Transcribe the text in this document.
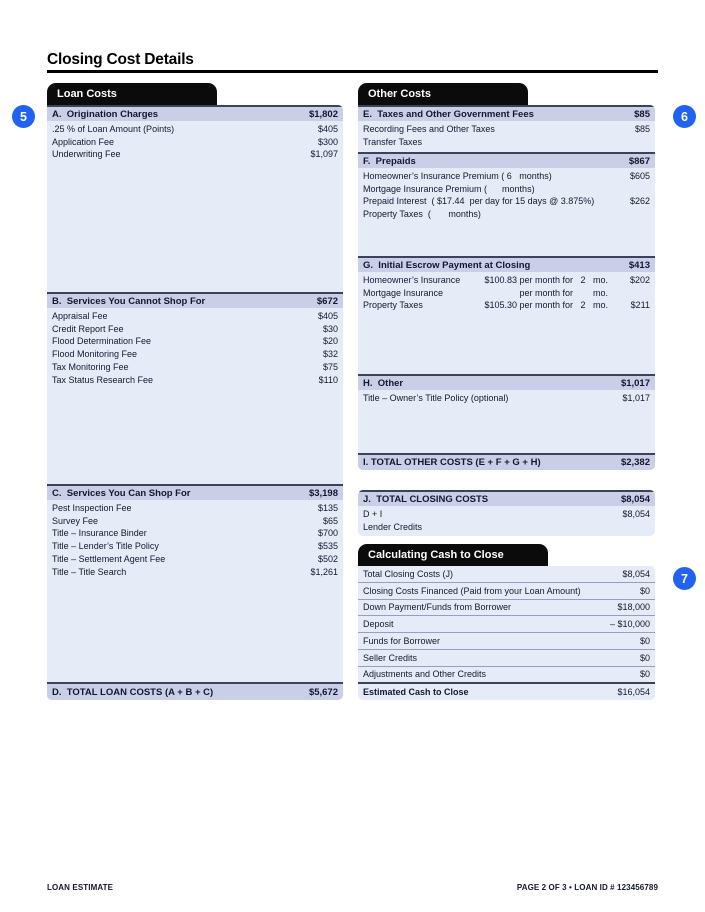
Closing Cost Details
Loan Costs
A.  Origination Charges	$1,802
.25 % of Loan Amount (Points)	$405
Application Fee	$300
Underwriting Fee	$1,097
B.  Services You Cannot Shop For	$672
Appraisal Fee	$405
Credit Report Fee	$30
Flood Determination Fee	$20
Flood Monitoring Fee	$32
Tax Monitoring Fee	$75
Tax Status Research Fee	$110
C.  Services You Can Shop For	$3,198
Pest Inspection Fee	$135
Survey Fee	$65
Title – Insurance Binder	$700
Title – Lender’s Title Policy	$535
Title – Settlement Agent Fee	$502
Title – Title Search	$1,261
D.  TOTAL LOAN COSTS (A + B + C)	$5,672
Other Costs
E.  Taxes and Other Government Fees	$85
Recording Fees and Other Taxes	$85
Transfer Taxes
F.  Prepaids	$867
Homeowner’s Insurance Premium ( 6   months)	$605
Mortgage Insurance Premium (      months)
Prepaid Interest  ( $17.44  per day for 15 days @ 3.875%)	$262
Property Taxes  (       months)
G.  Initial Escrow Payment at Closing	$413
Homeowner’s Insurance	$100.83 per month for 2 mo. $202
Mortgage Insurance	per month for mo.
Property Taxes	$105.30 per month for 2 mo.	$211
H.  Other	$1,017
Title – Owner’s Title Policy (optional)	$1,017
I. TOTAL OTHER COSTS (E + F + G + H)	$2,382
J.  TOTAL CLOSING COSTS	$8,054
D + I	$8,054
Lender Credits
Calculating Cash to Close
Total Closing Costs (J)	$8,054
Closing Costs Financed (Paid from your Loan Amount)	$0
Down Payment/Funds from Borrower	$18,000
Deposit	– $10,000
Funds for Borrower	$0
Seller Credits	$0
Adjustments and Other Credits	$0
Estimated Cash to Close	$16,054
5	6
7
LOAN ESTIMATE	PAGE 2 OF 3 • LOAN ID # 123456789
